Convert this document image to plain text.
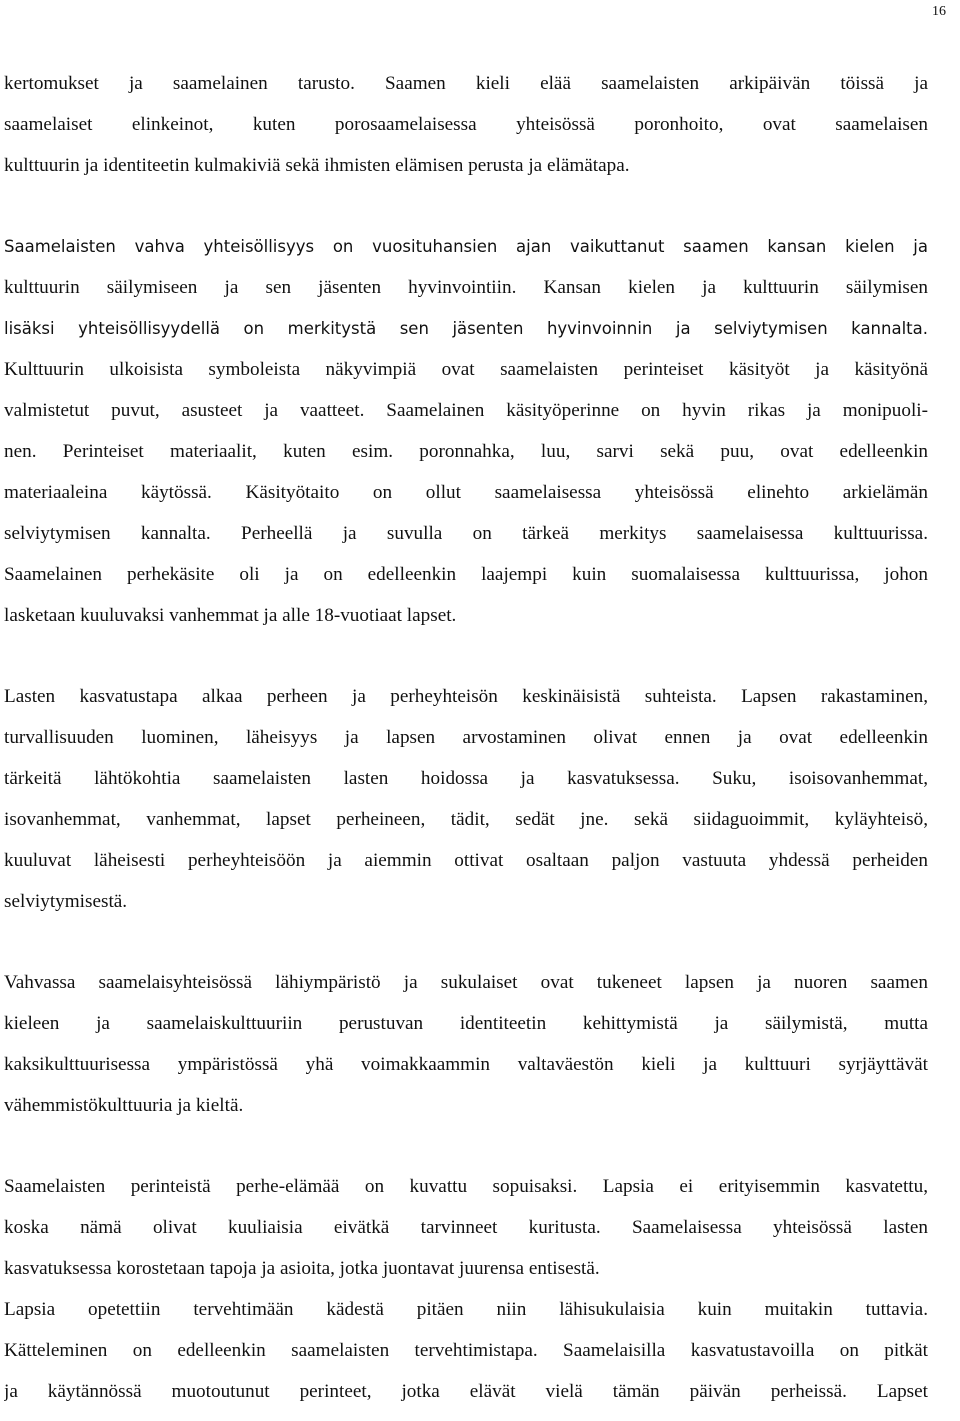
16
kertomukset ja saamelainen tarusto. Saamen kieli elää saamelaisten arkipäivän töissä ja
saamelaiset elinkeinot, kuten porosaamelaisessa yhteisössä poronhoito, ovat saamelaisen
kulttuurin ja identiteetin kulmakiviä sekä ihmisten elämisen perusta ja elämätapa.
Saamelaisten vahva yhteisöllisyys on vuosituhansien ajan vaikuttanut saamen kansan kielen ja
kulttuurin säilymiseen ja sen jäsenten hyvinvointiin. Kansan kielen ja kulttuurin säilymisen
lisäksi yhteisöllisyydellä on merkitystä sen jäsenten hyvinvoinnin ja selviytymisen kannalta.
Kulttuurin ulkoisista symboleista näkyvimpiä ovat saamelaisten perinteiset käsityöt ja käsityönä
valmistetut puvut, asusteet ja vaatteet. Saamelainen käsityöperinne on hyvin rikas ja monipuoli-
nen. Perinteiset materiaalit, kuten esim. poronnahka, luu, sarvi sekä puu, ovat edelleenkin
materiaaleina käytössä. Käsityötaito on ollut saamelaisessa yhteisössä elinehto arkielämän
selviytymisen kannalta. Perheellä ja suvulla on tärkeä merkitys saamelaisessa kulttuurissa.
Saamelainen perhekäsite oli ja on edelleenkin laajempi kuin suomalaisessa kulttuurissa, johon
lasketaan kuuluvaksi vanhemmat ja alle 18-vuotiaat lapset.
Lasten kasvatustapa alkaa perheen ja perheyhteisön keskinäisistä suhteista. Lapsen rakastaminen,
turvallisuuden luominen, läheisyys ja lapsen arvostaminen olivat ennen ja ovat edelleenkin
tärkeitä lähtökohtia saamelaisten lasten hoidossa ja kasvatuksessa. Suku, isoisovanhemmat,
isovanhemmat, vanhemmat, lapset perheineen, tädit, sedät jne. sekä siidaguoimmit, kyläyhteisö,
kuuluvat läheisesti perheyhteisöön ja aiemmin ottivat osaltaan paljon vastuuta yhdessä perheiden
selviytymisestä.
Vahvassa saamelaisyhteisössä lähiympäristö ja sukulaiset ovat tukeneet lapsen ja nuoren saamen
kieleen ja saamelaiskulttuuriin perustuvan identiteetin kehittymistä ja säilymistä, mutta
kaksikulttuurisessa ympäristössä yhä voimakkaammin valtaväestön kieli ja kulttuuri syrjäyttävät
vähemmistökulttuuria ja kieltä.
Saamelaisten perinteistä perhe-elämää on kuvattu sopuisaksi. Lapsia ei erityisemmin kasvatettu,
koska nämä olivat kuuliaisia eivätkä tarvinneet kuritusta. Saamelaisessa yhteisössä lasten
kasvatuksessa korostetaan tapoja ja asioita, jotka juontavat juurensa entisestä.
Lapsia opetettiin tervehtimään kädestä pitäen niin lähisukulaisia kuin muitakin tuttavia.
Kätteleminen on edelleenkin saamelaisten tervehtimistapa. Saamelaisilla kasvatustavoilla on pitkät
ja käytännössä muotoutunut perinteet, jotka elävät vielä tämän päivän perheissä. Lapset
